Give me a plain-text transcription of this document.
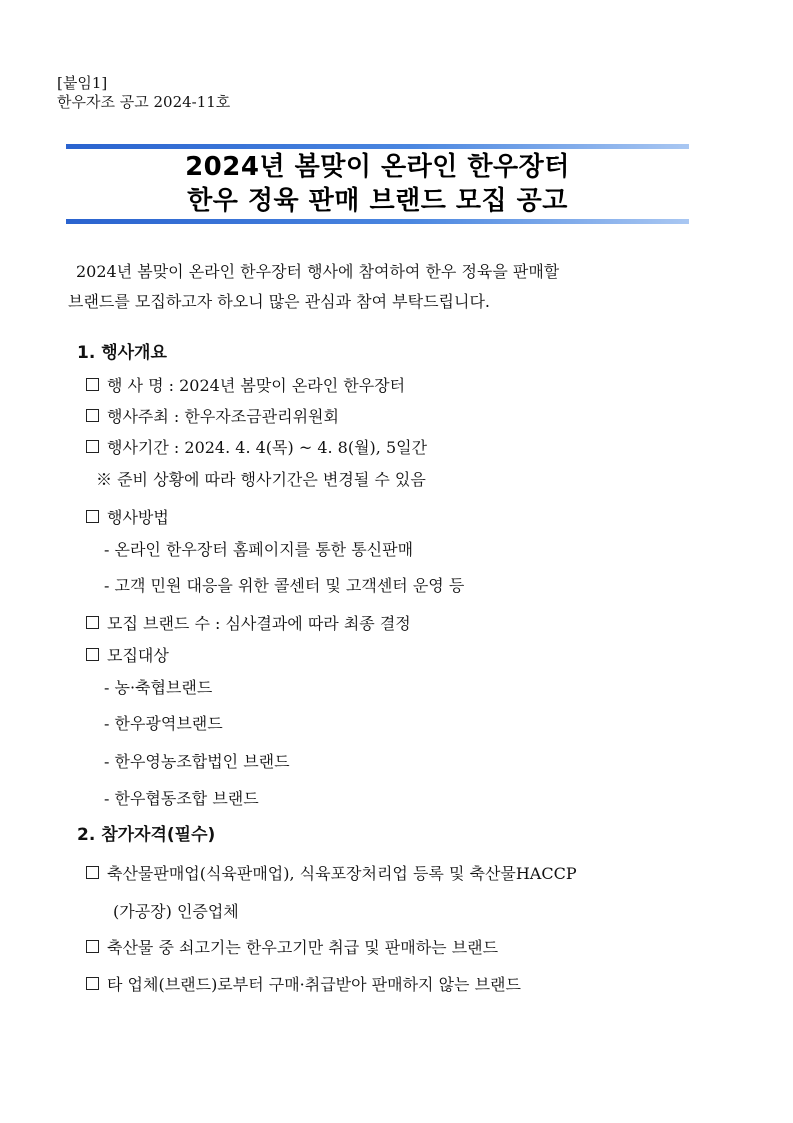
[붙임1]
한우자조 공고 2024-11호
2024년 봄맞이 온라인 한우장터
한우 정육 판매 브랜드 모집 공고
2024년 봄맞이 온라인 한우장터 행사에 참여하여 한우 정육을 판매할
브랜드를 모집하고자 하오니 많은 관심과 참여 부탁드립니다.
1. 행사개요
행 사 명 : 2024년 봄맞이 온라인 한우장터
행사주최 : 한우자조금관리위원회
행사기간 : 2024. 4. 4(목) ~ 4. 8(월), 5일간
※ 준비 상황에 따라 행사기간은 변경될 수 있음
행사방법
- 온라인 한우장터 홈페이지를 통한 통신판매
- 고객 민원 대응을 위한 콜센터 및 고객센터 운영 등
모집 브랜드 수 : 심사결과에 따라 최종 결정
모집대상
- 농·축협브랜드
- 한우광역브랜드
- 한우영농조합법인 브랜드
- 한우협동조합 브랜드
2. 참가자격(필수)
축산물판매업(식육판매업), 식육포장처리업 등록 및 축산물HACCP
(가공장) 인증업체
축산물 중 쇠고기는 한우고기만 취급 및 판매하는 브랜드
타 업체(브랜드)로부터 구매·취급받아 판매하지 않는 브랜드
